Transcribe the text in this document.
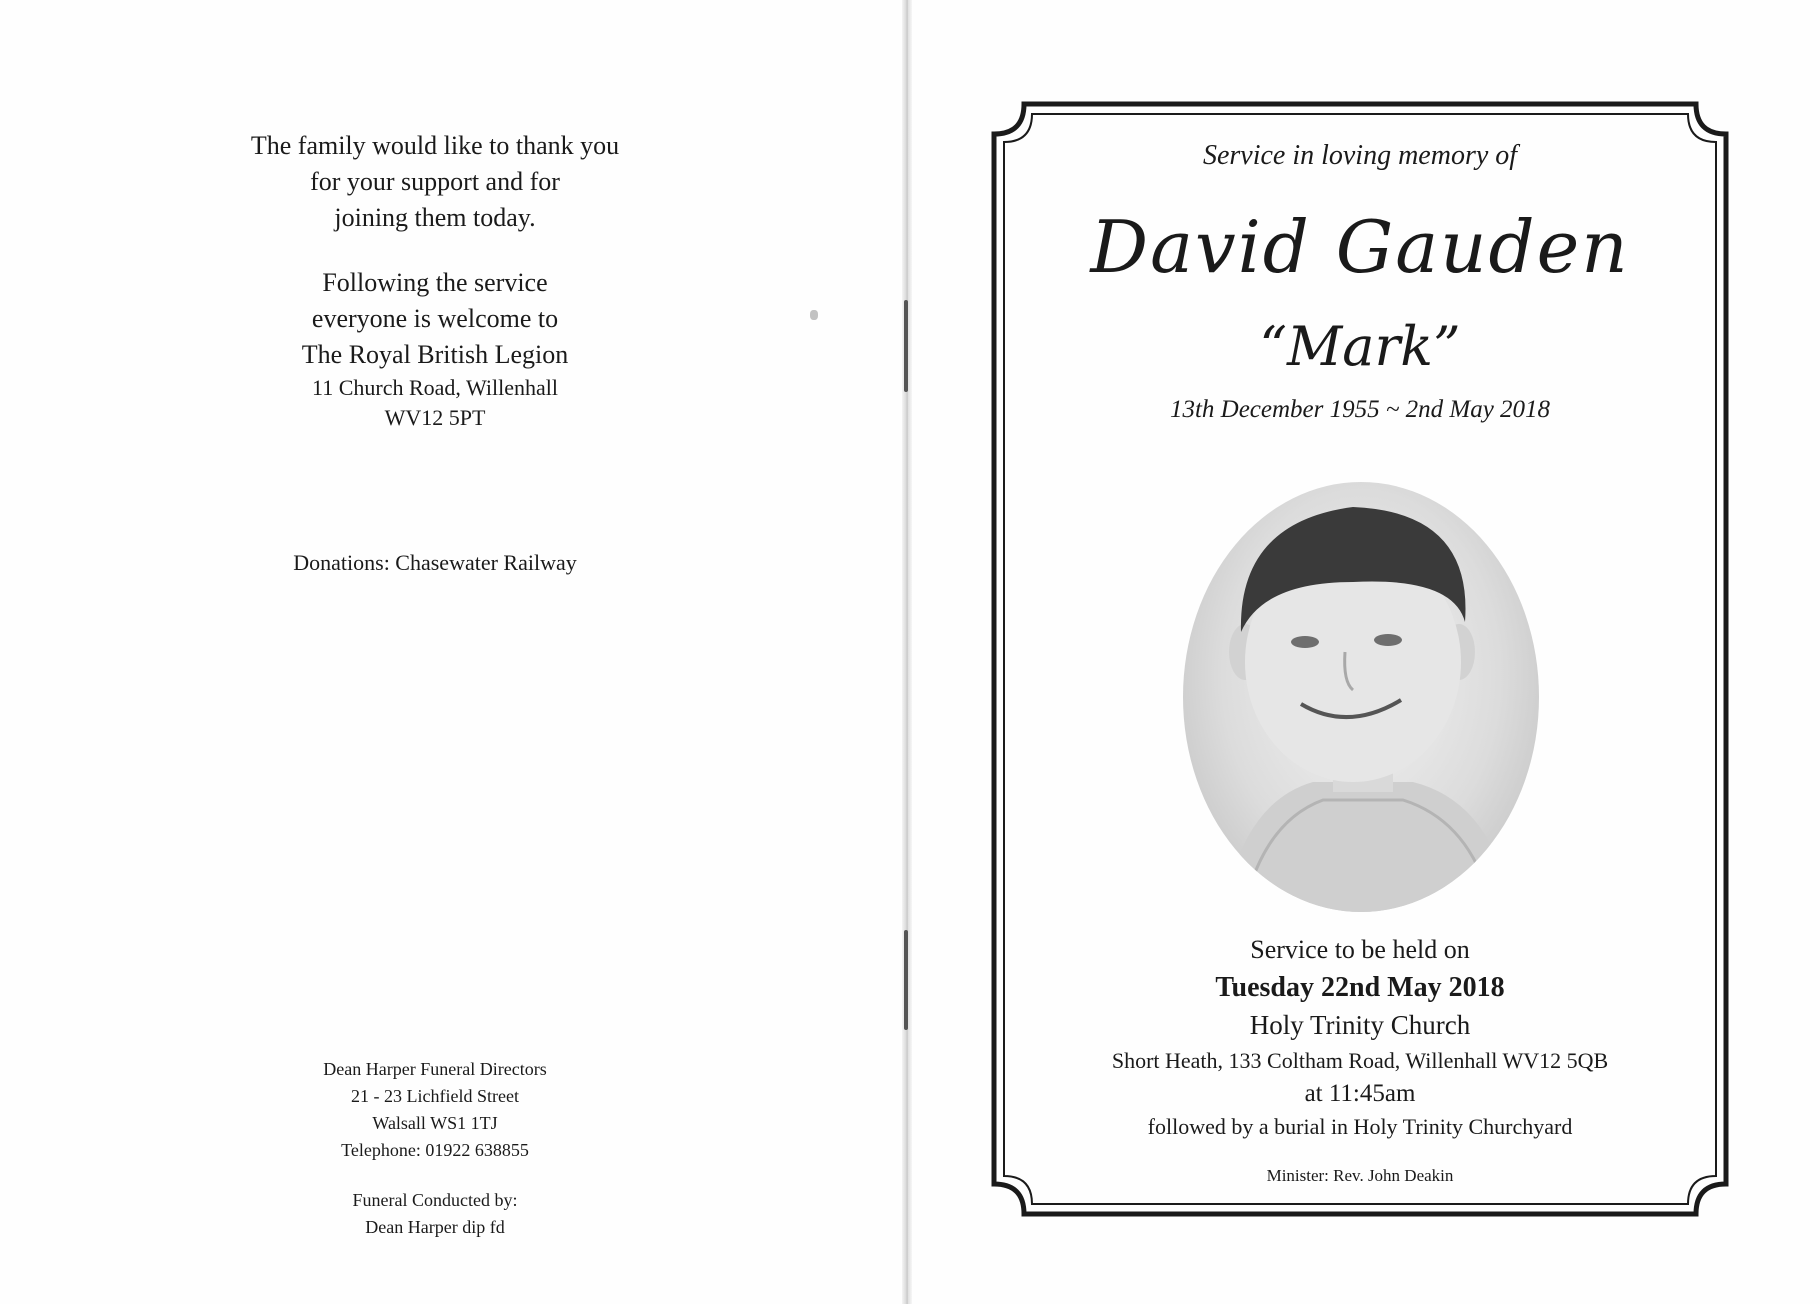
The family would like to thank you
for your support and for
joining them today.
Following the service
everyone is welcome to
The Royal British Legion
11 Church Road, Willenhall
WV12 5PT
Donations: Chasewater Railway
Dean Harper Funeral Directors
21 - 23 Lichfield Street
Walsall WS1 1TJ
Telephone: 01922 638855
Funeral Conducted by:
Dean Harper dip fd
Service in loving memory of
David Gauden
“Mark”
13th December 1955 ~ 2nd May 2018
Service to be held on
Tuesday 22nd May 2018
Holy Trinity Church
Short Heath, 133 Coltham Road, Willenhall WV12 5QB
at 11:45am
followed by a burial in Holy Trinity Churchyard
Minister: Rev. John Deakin
